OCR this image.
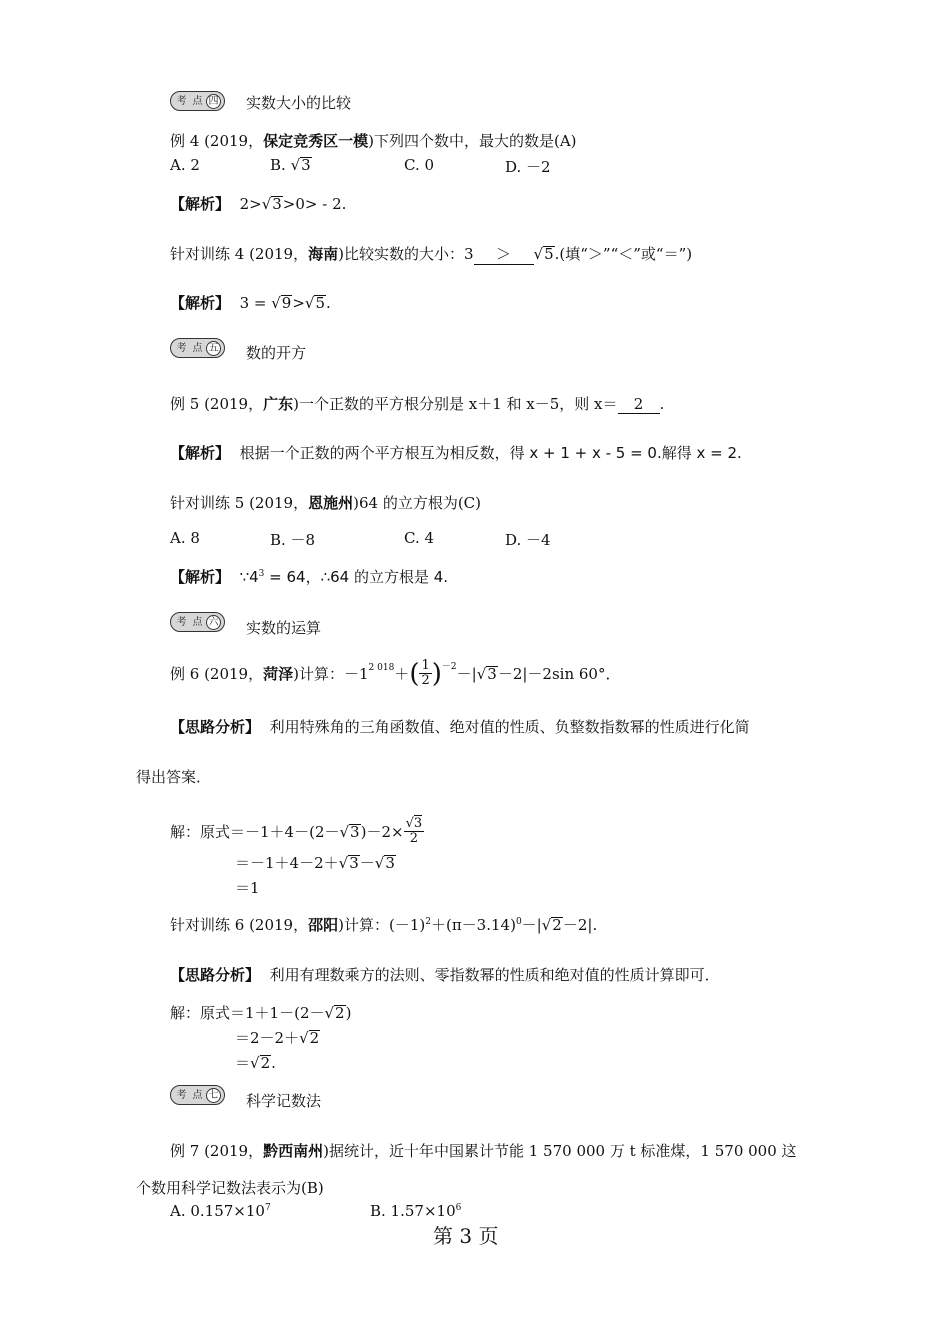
考 点 四 实数大小的比较
例 4 (2019，保定竞秀区一模)下列四个数中，最大的数是(A)
A. 2	B. √3	C. 0	D. －2
【解析】 2>√3>0> - 2.
针对训练 4 (2019，海南)比较实数的大小：3 ＞ √5.(填“＞”“＜”或“＝”)
【解析】 3 = √9>√5.
考 点 五 数的开方
例 5 (2019，广东)一个正数的平方根分别是 x＋1 和 x－5，则 x＝ 2 .
【解析】 根据一个正数的两个平方根互为相反数，得 x + 1 + x - 5 = 0.解得 x = 2.
针对训练 5 (2019，恩施州)64 的立方根为(C)
A. 8	B. －8	C. 4	D. －4
【解析】 $\because 4^3 = 64$，∴64 的立方根是 4.
考 点 六 实数的运算
例 6 (2019， 菏泽 )计算：$-1^{2 018}$ ＋ ( $\frac{1}{2} )^{-2}$ －| √ 3 －2|－2sin 60°．
【思路分析】 利用特殊角的三角函数值、绝对值的性质、负整数指数幂的性质进行化简
得出答案．
解：原式＝－1＋4－(2－ √ 3 )$-2\times \frac{√3}{2}$
＝－1＋4－2＋√3－√3
＝1
针对训练 6 (2019，邵阳)计算：$(-1)^2+(\pi-3.14)^0-|√2-2|$.
【思路分析】 利用有理数乘方的法则、零指数幂的性质和绝对值的性质计算即可．
解：原式＝1＋1－(2－√2)
＝2－2＋√2
＝√2.
考 点 七 科学记数法
例 7 (2019，黔西南州)据统计，近十年中国累计节能 1 570 000 万 t 标准煤，1 570 000 这
个数用科学记数法表示为(B)
A. $0.157\times 10^7$	B. $1.57\times 10^6$
第 3 页
